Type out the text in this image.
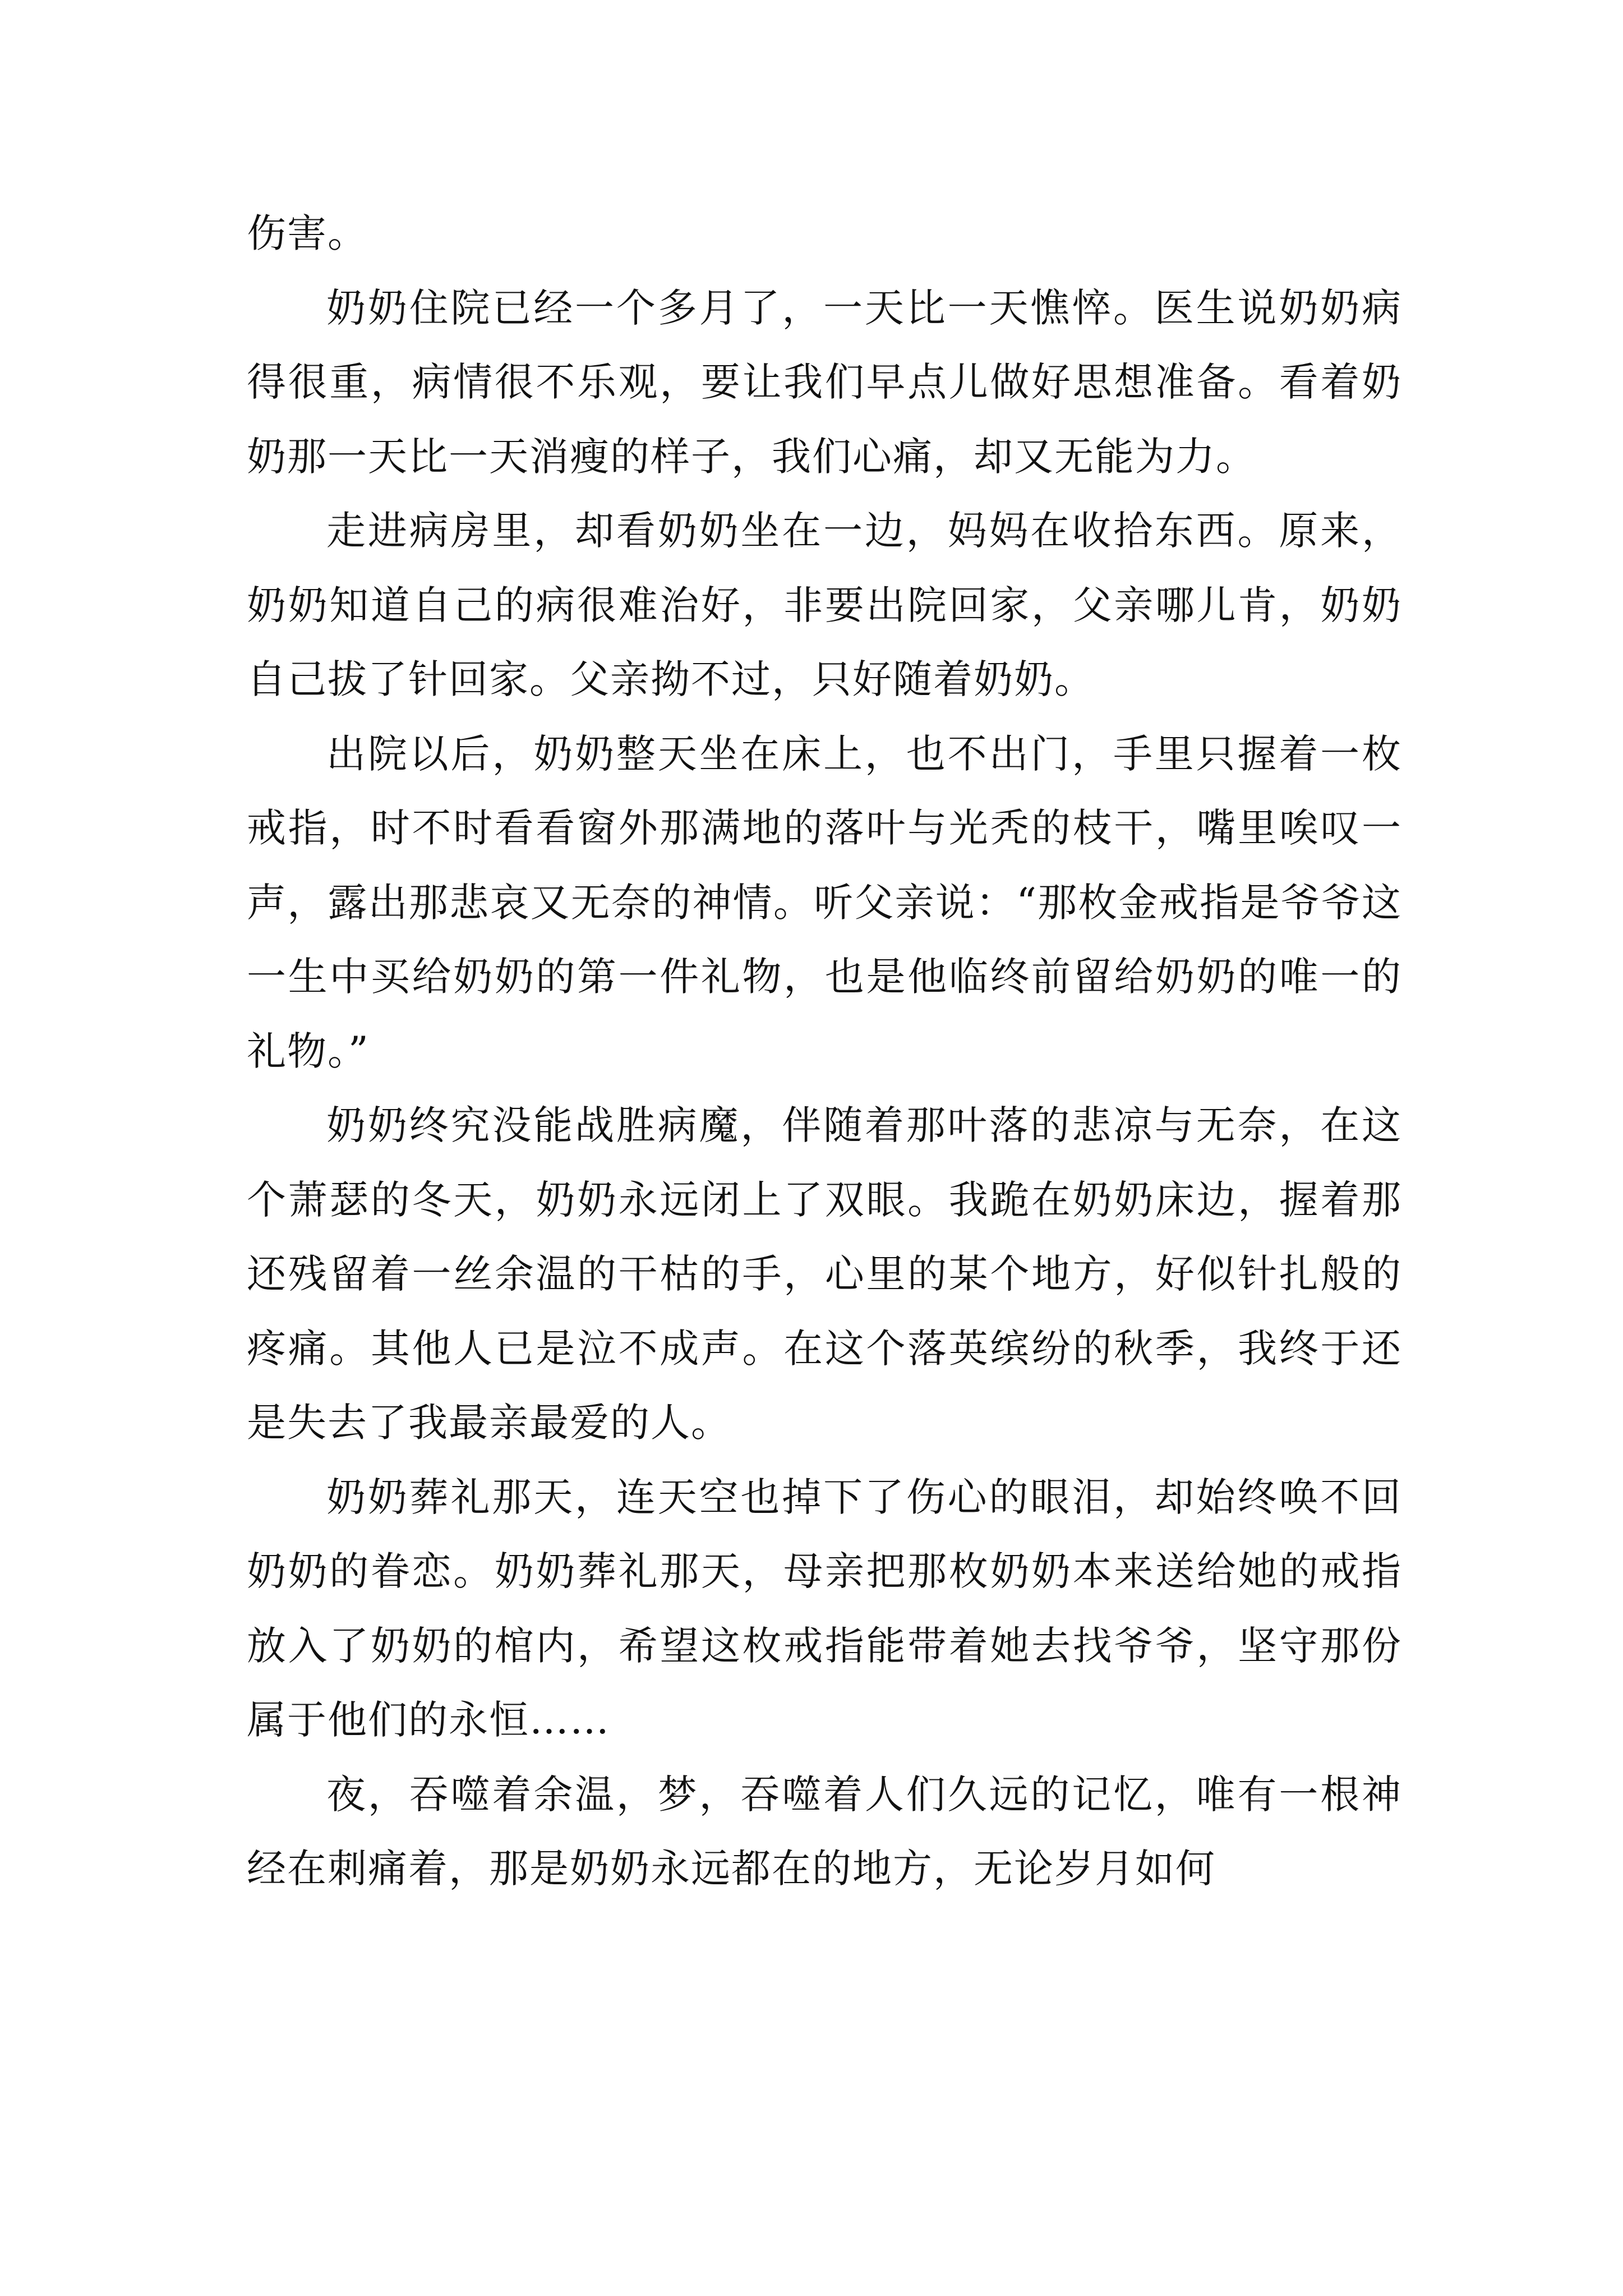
伤害。

奶奶住院已经一个多月了，一天比一天憔悴。医生说奶奶病得很重，病情很不乐观，要让我们早点儿做好思想准备。看着奶奶那一天比一天消瘦的样子，我们心痛，却又无能为力。

走进病房里，却看奶奶坐在一边，妈妈在收拾东西。原来，奶奶知道自己的病很难治好，非要出院回家，父亲哪儿肯，奶奶自己拔了针回家。父亲拗不过，只好随着奶奶。

出院以后，奶奶整天坐在床上，也不出门，手里只握着一枚戒指，时不时看看窗外那满地的落叶与光秃的枝干，嘴里唉叹一声，露出那悲哀又无奈的神情。听父亲说：“那枚金戒指是爷爷这一生中买给奶奶的第一件礼物，也是他临终前留给奶奶的唯一的礼物。”

奶奶终究没能战胜病魔，伴随着那叶落的悲凉与无奈，在这个萧瑟的冬天，奶奶永远闭上了双眼。我跪在奶奶床边，握着那还残留着一丝余温的干枯的手，心里的某个地方，好似针扎般的疼痛。其他人已是泣不成声。在这个落英缤纷的秋季，我终于还是失去了我最亲最爱的人。

奶奶葬礼那天，连天空也掉下了伤心的眼泪，却始终唤不回奶奶的眷恋。奶奶葬礼那天，母亲把那枚奶奶本来送给她的戒指放入了奶奶的棺内，希望这枚戒指能带着她去找爷爷，坚守那份属于他们的永恒……

夜，吞噬着余温，梦，吞噬着人们久远的记忆，唯有一根神经在刺痛着，那是奶奶永远都在的地方，无论岁月如何
